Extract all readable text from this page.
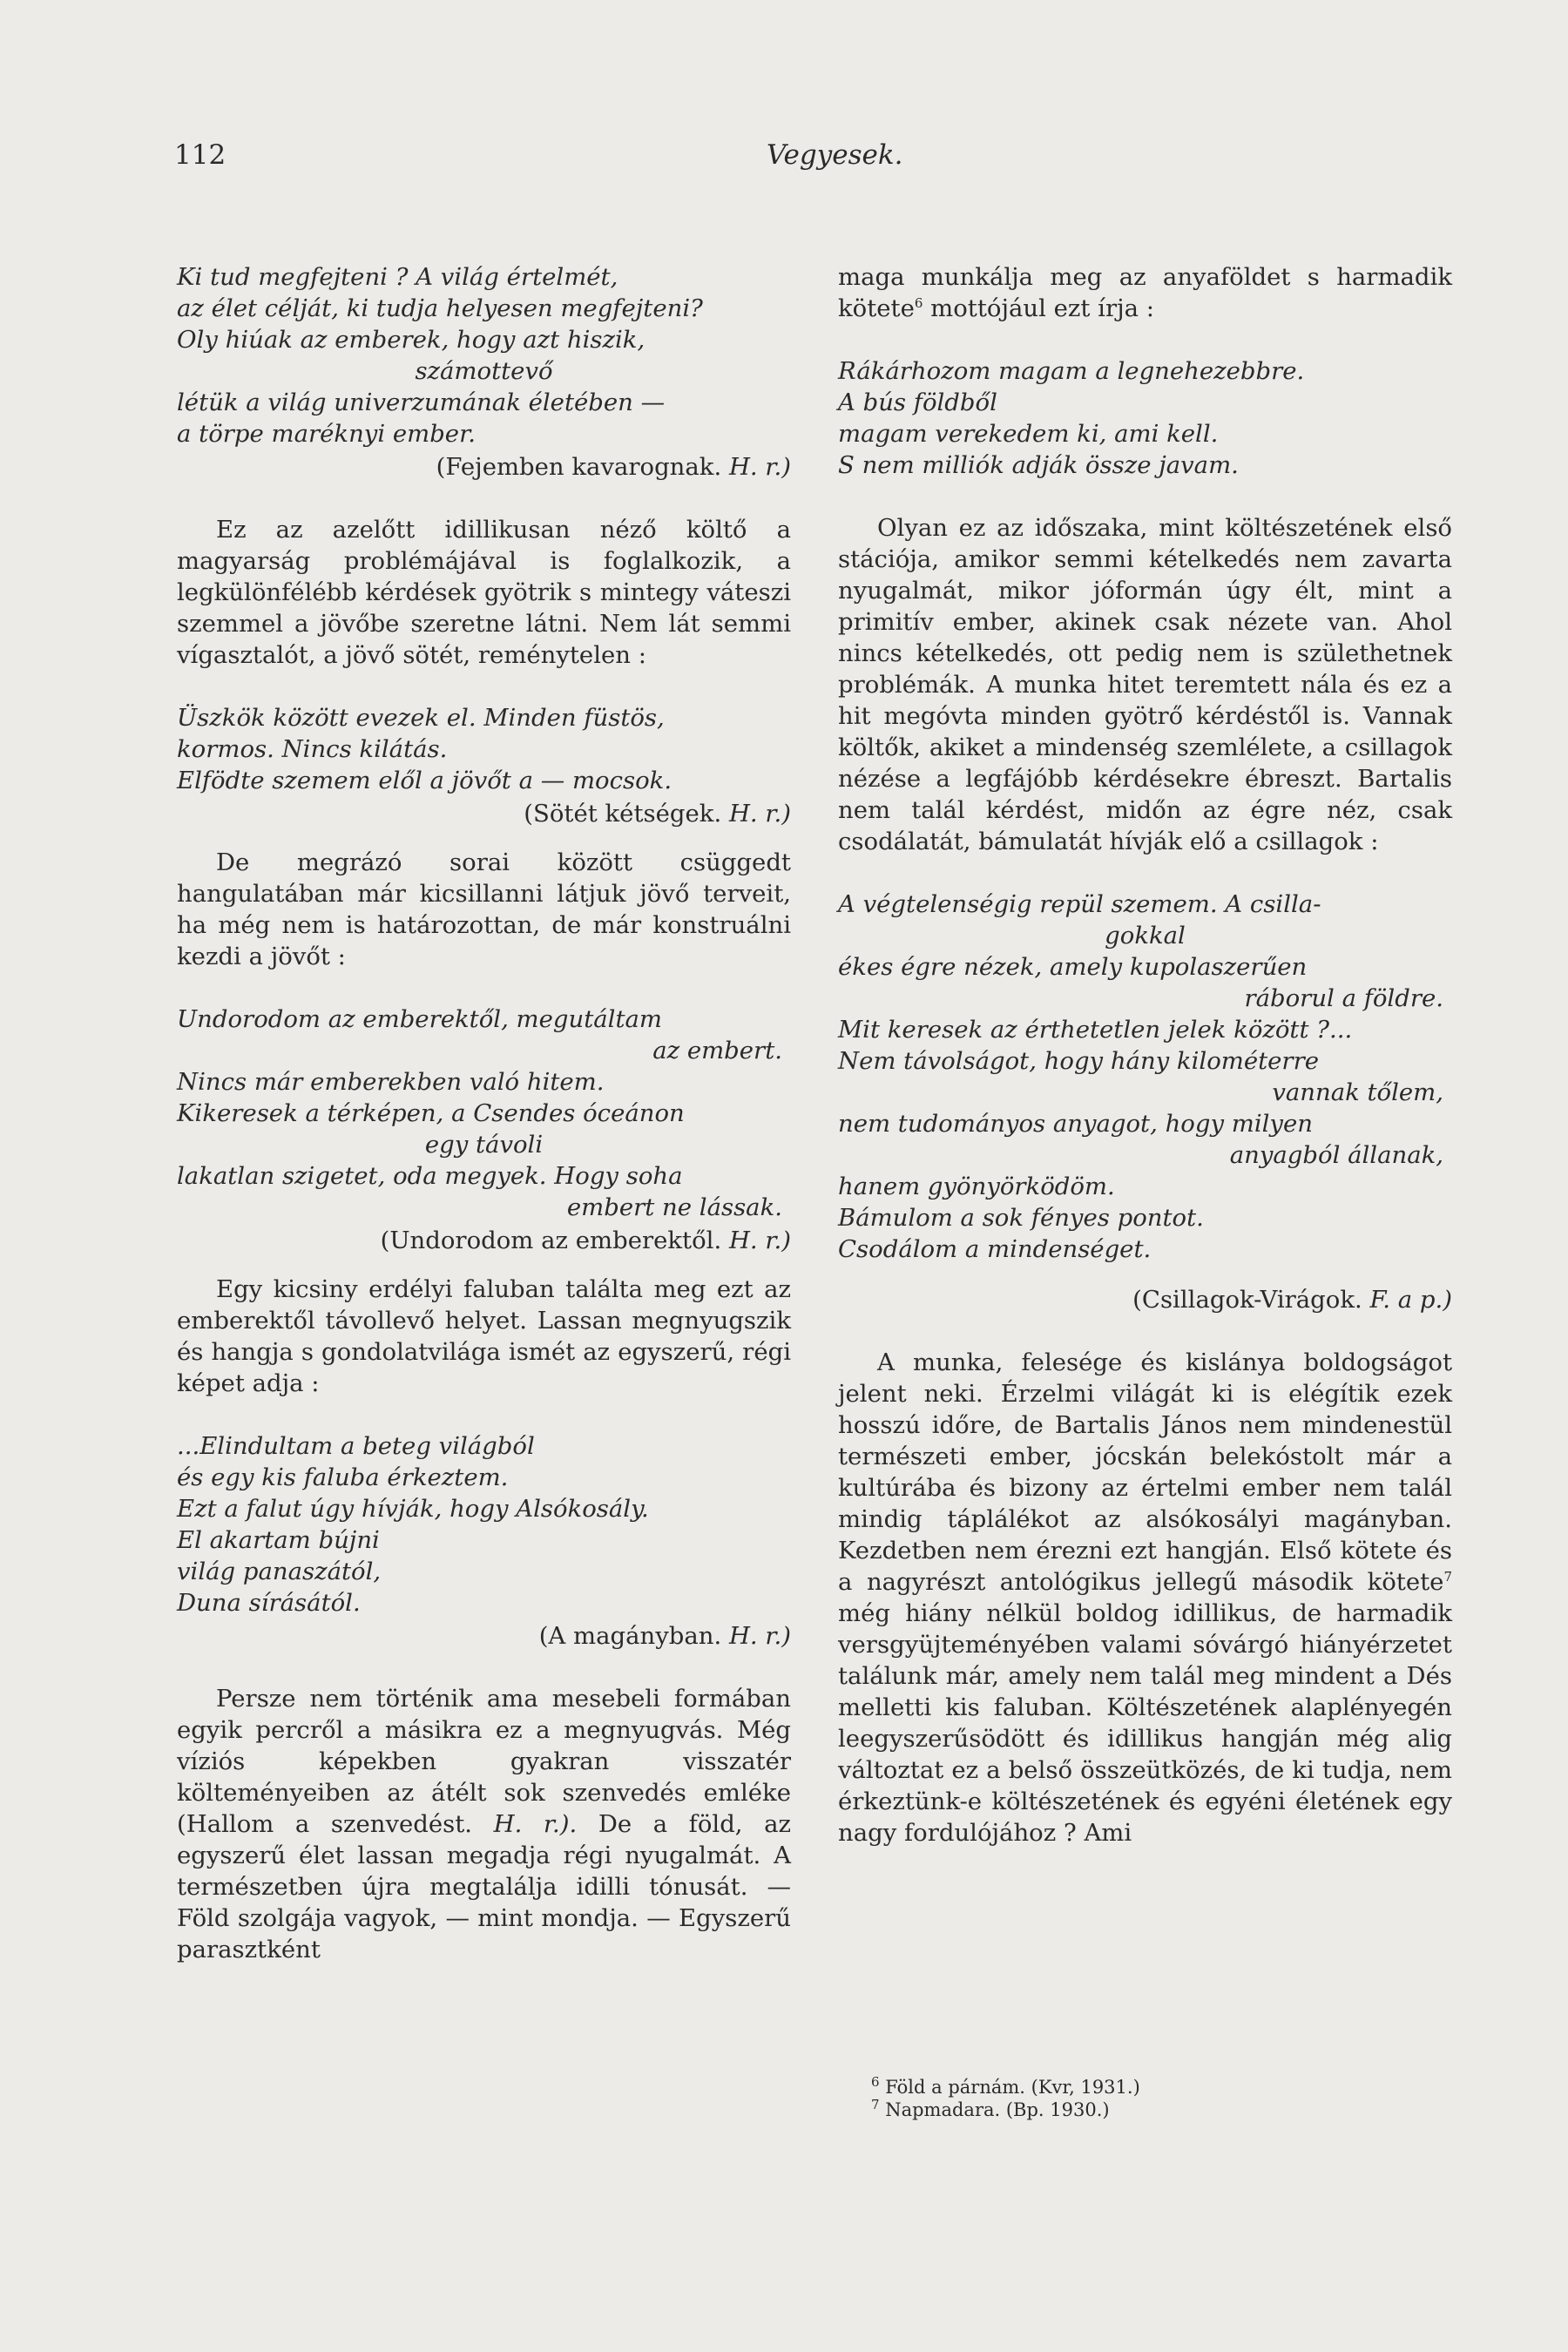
112	Vegyesek.
Ki tud megfejteni ? A világ értelmét,
az élet célját, ki tudja helyesen megfejteni?
Oly hiúak az emberek, hogy azt hiszik,
számottevő
létük a világ univerzumának életében —
a törpe maréknyi ember.
(Fejemben kavarognak. H. r.)

Ez az azelőtt idillikusan néző költő a magyarság problémájával is foglalkozik, a legkülönfélébb kérdések gyötrik s mintegy váteszi szemmel a jövőbe szeretne látni. Nem lát semmi vígasztalót, a jövő sötét, reménytelen :

Üszkök között evezek el. Minden füstös,
kormos. Nincs kilátás.
Elfödte szemem elől a jövőt a — mocsok.
(Sötét kétségek. H. r.)

De megrázó sorai között csüggedt hangulatában már kicsillanni látjuk jövő terveit, ha még nem is határozottan, de már konstruálni kezdi a jövőt :

Undorodom az emberektől, megutáltam
az embert.
Nincs már emberekben való hitem.
Kikeresek a térképen, a Csendes óceánon
egy távoli
lakatlan szigetet, oda megyek. Hogy soha
embert ne lássak.
(Undorodom az emberektől. H. r.)

Egy kicsiny erdélyi faluban találta meg ezt az emberektől távollevő helyet. Lassan megnyugszik és hangja s gondolatvilága ismét az egyszerű, régi képet adja :

...Elindultam a beteg világból
és egy kis faluba érkeztem.
Ezt a falut úgy hívják, hogy Alsókosály.
El akartam bújni
világ panaszától,
Duna sírásától.
(A magányban. H. r.)

Persze nem történik ama mesebeli formában egyik percről a másikra ez a megnyugvás. Még víziós képekben gyakran visszatér költeményeiben az átélt sok szenvedés emléke (Hallom a szenvedést. H. r.). De a föld, az egyszerű élet lassan megadja régi nyugalmát. A természetben újra megtalálja idilli tónusát. — Föld szolgája vagyok, — mint mondja. — Egyszerű parasztként

maga munkálja meg az anyaföldet s harmadik kötete$^6$ mottójául ezt írja :

Rákárhozom magam a legnehezebbre.
A bús földből
magam verekedem ki, ami kell.
S nem milliók adják össze javam.

Olyan ez az időszaka, mint költészetének első stációja, amikor semmi kételkedés nem zavarta nyugalmát, mikor jóformán úgy élt, mint a primitív ember, akinek csak nézete van. Ahol nincs kételkedés, ott pedig nem is születhetnek problémák. A munka hitet teremtett nála és ez a hit megóvta minden gyötrő kérdéstől is. Vannak költők, akiket a mindenség szemlélete, a csillagok nézése a legfájóbb kérdésekre ébreszt. Bartalis nem talál kérdést, midőn az égre néz, csak csodálatát, bámulatát hívják elő a csillagok :

A végtelenségig repül szemem. A csilla-
gokkal
ékes égre nézek, amely kupolaszerűen
ráborul a földre.
Mit keresek az érthetetlen jelek között ?...
Nem távolságot, hogy hány kilométerre
vannak tőlem,
nem tudományos anyagot, hogy milyen
anyagból állanak,
hanem gyönyörködöm.
Bámulom a sok fényes pontot.
Csodálom a mindenséget.
(Csillagok-Virágok. F. a p.)

A munka, felesége és kislánya boldogságot jelent neki. Érzelmi világát ki is elégítik ezek hosszú időre, de Bartalis János nem mindenestül természeti ember, jócskán belekóstolt már a kultúrába és bizony az értelmi ember nem talál mindig táplálékot az alsókosályi magányban. Kezdetben nem érezni ezt hangján. Első kötete és a nagyrészt antológikus jellegű második kötete$^7$ még hiány nélkül boldog idillikus, de harmadik versgyüjteményében valami sóvárgó hiányérzetet találunk már, amely nem talál meg mindent a Dés melletti kis faluban. Költészetének alaplényegén leegyszerűsödött és idillikus hangján még alig változtat ez a belső összeütközés, de ki tudja, nem érkeztünk-e költészetének és egyéni életének egy nagy fordulójához ? Ami

$^6$ Föld a párnám. (Kvr, 1931.)
$^7$ Napmadara. (Bp. 1930.)
